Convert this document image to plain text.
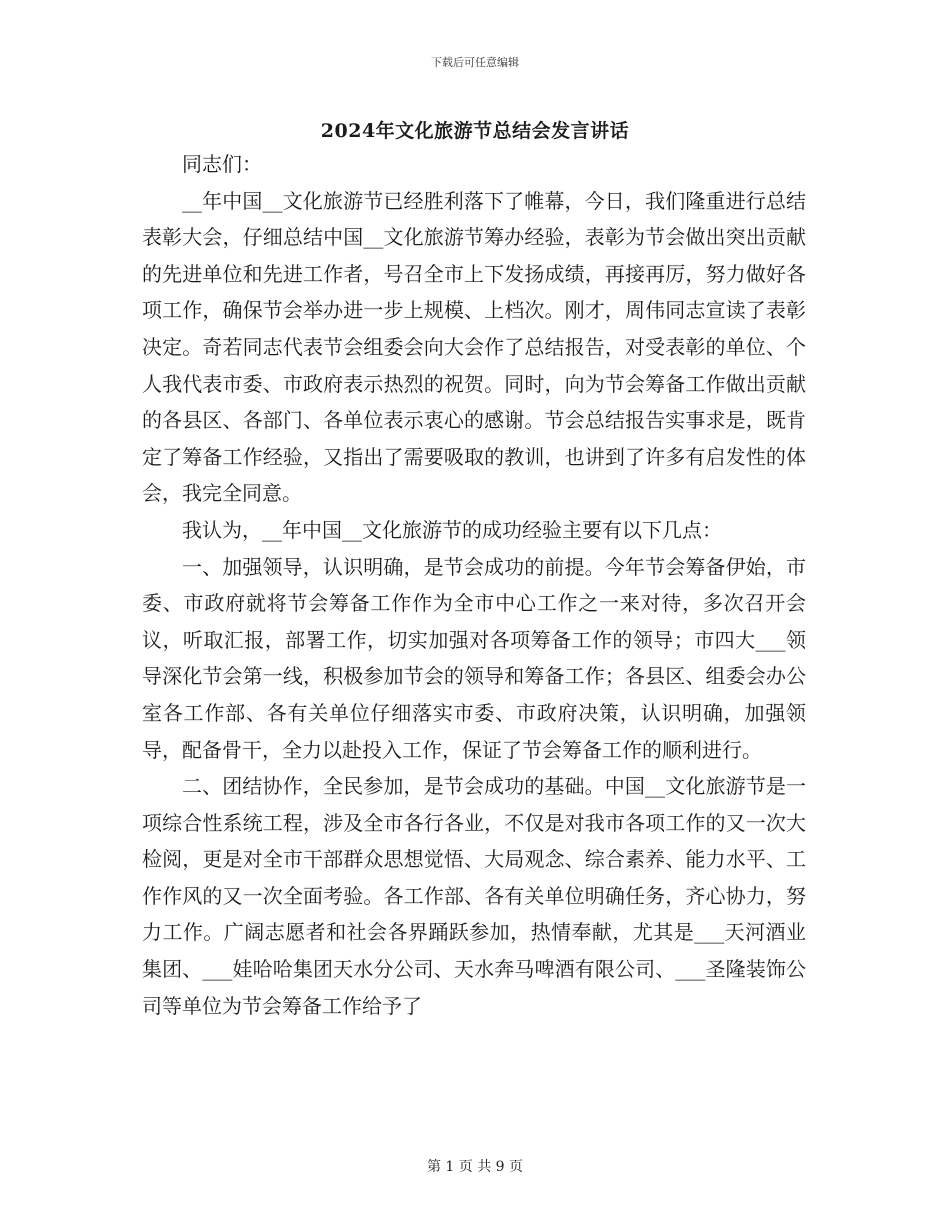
下载后可任意编辑
2024年文化旅游节总结会发言讲话

同志们：

__年中国__文化旅游节已经胜利落下了帷幕，今日，我们隆重进行总结表彰大会，仔细总结中国__文化旅游节筹办经验，表彰为节会做出突出贡献的先进单位和先进工作者，号召全市上下发扬成绩，再接再厉，努力做好各项工作，确保节会举办进一步上规模、上档次。刚才，周伟同志宣读了表彰决定。奇若同志代表节会组委会向大会作了总结报告，对受表彰的单位、个人我代表市委、市政府表示热烈的祝贺。同时，向为节会筹备工作做出贡献的各县区、各部门、各单位表示衷心的感谢。节会总结报告实事求是，既肯定了筹备工作经验，又指出了需要吸取的教训，也讲到了许多有启发性的体会，我完全同意。

我认为，__年中国__文化旅游节的成功经验主要有以下几点：

一、加强领导，认识明确，是节会成功的前提。今年节会筹备伊始，市委、市政府就将节会筹备工作作为全市中心工作之一来对待，多次召开会议，听取汇报，部署工作，切实加强对各项筹备工作的领导；市四大___领导深化节会第一线，积极参加节会的领导和筹备工作；各县区、组委会办公室各工作部、各有关单位仔细落实市委、市政府决策，认识明确，加强领导，配备骨干，全力以赴投入工作，保证了节会筹备工作的顺利进行。

二、团结协作，全民参加，是节会成功的基础。中国__文化旅游节是一项综合性系统工程，涉及全市各行各业，不仅是对我市各项工作的又一次大检阅，更是对全市干部群众思想觉悟、大局观念、综合素养、能力水平、工作作风的又一次全面考验。各工作部、各有关单位明确任务，齐心协力，努力工作。广阔志愿者和社会各界踊跃参加，热情奉献，尤其是___天河酒业集团、___娃哈哈集团天水分公司、天水奔马啤酒有限公司、___圣隆装饰公司等单位为节会筹备工作给予了

第 1 页 共 9 页
